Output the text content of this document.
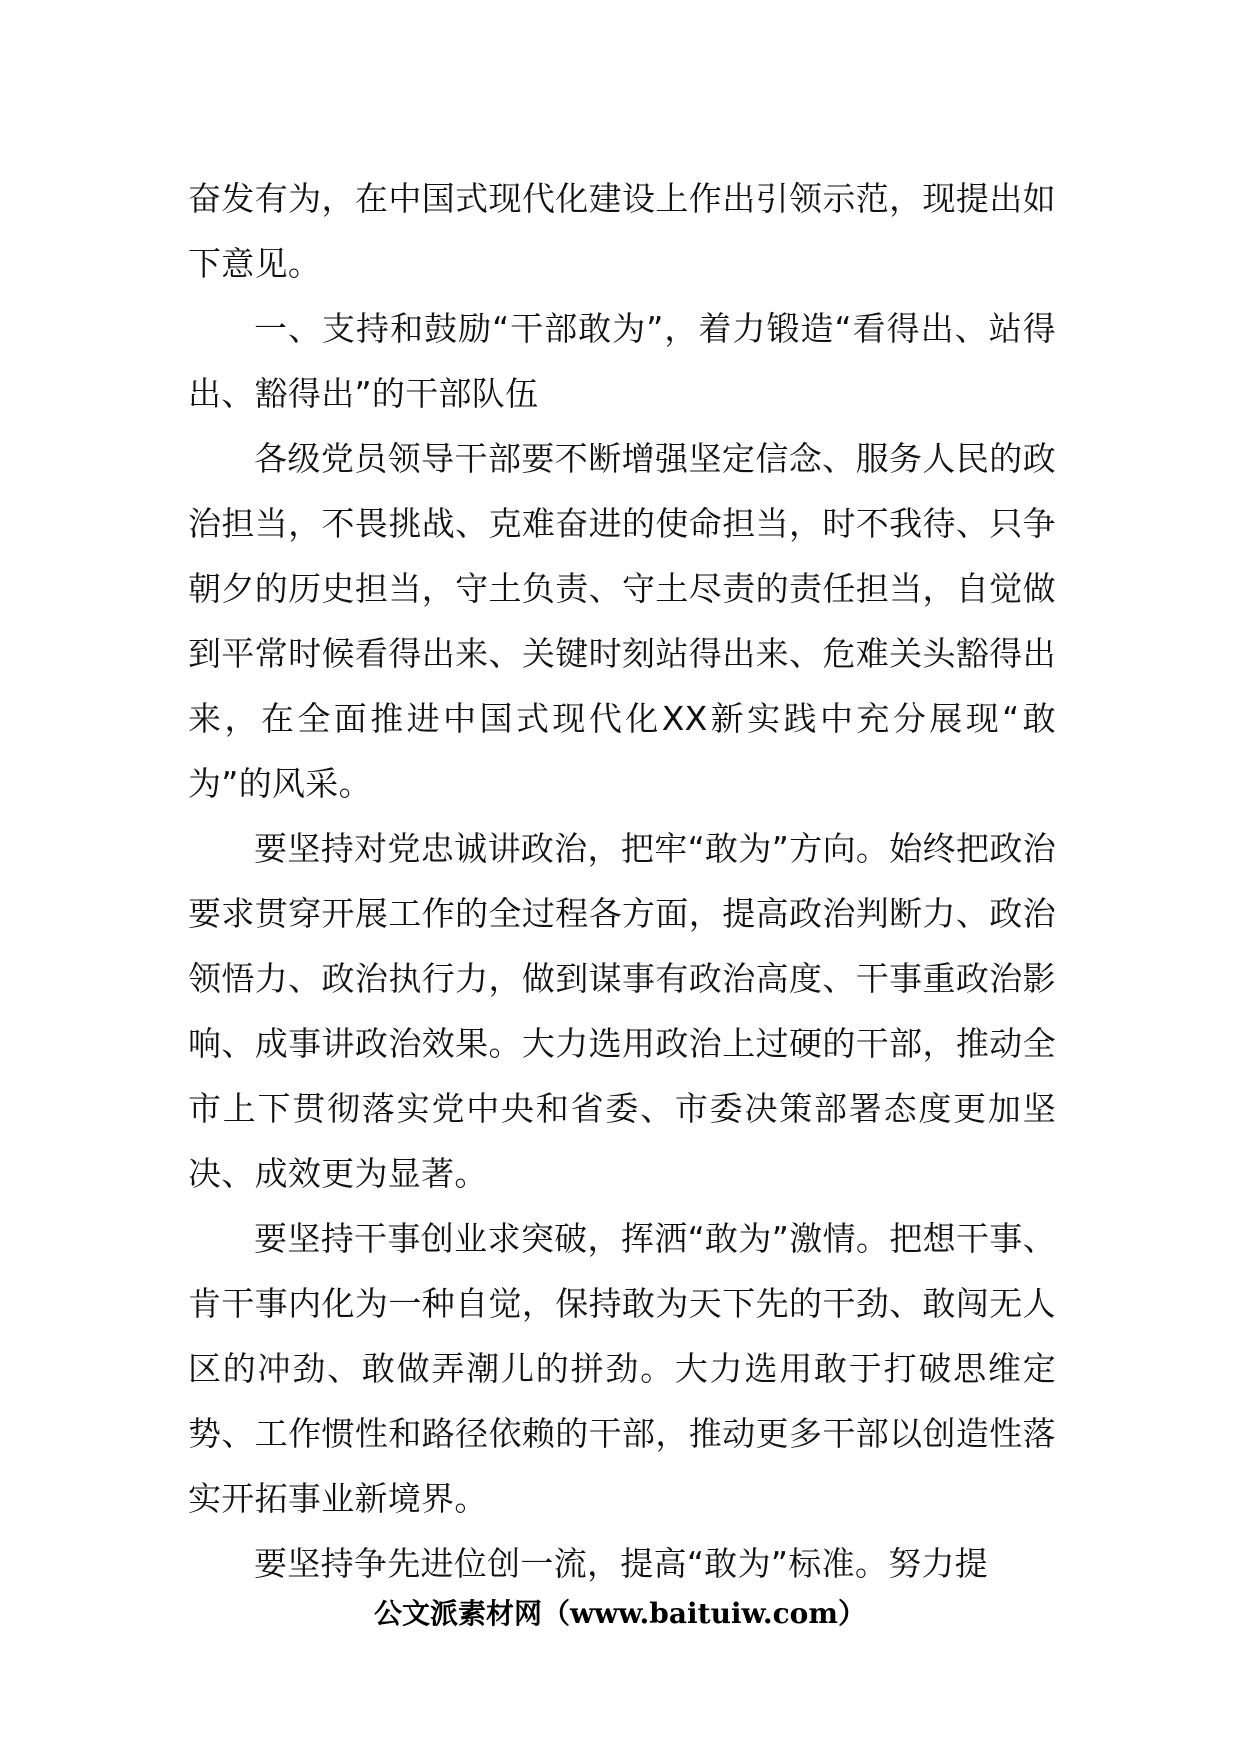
奋发有为，在中国式现代化建设上作出引领示范，现提出如下意见。

一、支持和鼓励“干部敢为”，着力锻造“看得出、站得出、豁得出”的干部队伍

各级党员领导干部要不断增强坚定信念、服务人民的政治担当，不畏挑战、克难奋进的使命担当，时不我待、只争朝夕的历史担当，守土负责、守土尽责的责任担当，自觉做到平常时候看得出来、关键时刻站得出来、危难关头豁得出来，在全面推进中国式现代化XX新实践中充分展现“敢为”的风采。

要坚持对党忠诚讲政治，把牢“敢为”方向。始终把政治要求贯穿开展工作的全过程各方面，提高政治判断力、政治领悟力、政治执行力，做到谋事有政治高度、干事重政治影响、成事讲政治效果。大力选用政治上过硬的干部，推动全市上下贯彻落实党中央和省委、市委决策部署态度更加坚决、成效更为显著。

要坚持干事创业求突破，挥洒“敢为”激情。把想干事、肯干事内化为一种自觉，保持敢为天下先的干劲、敢闯无人区的冲劲、敢做弄潮儿的拼劲。大力选用敢于打破思维定势、工作惯性和路径依赖的干部，推动更多干部以创造性落实开拓事业新境界。

要坚持争先进位创一流，提高“敢为”标准。努力提

公文派素材网（www.baituiw.com）
